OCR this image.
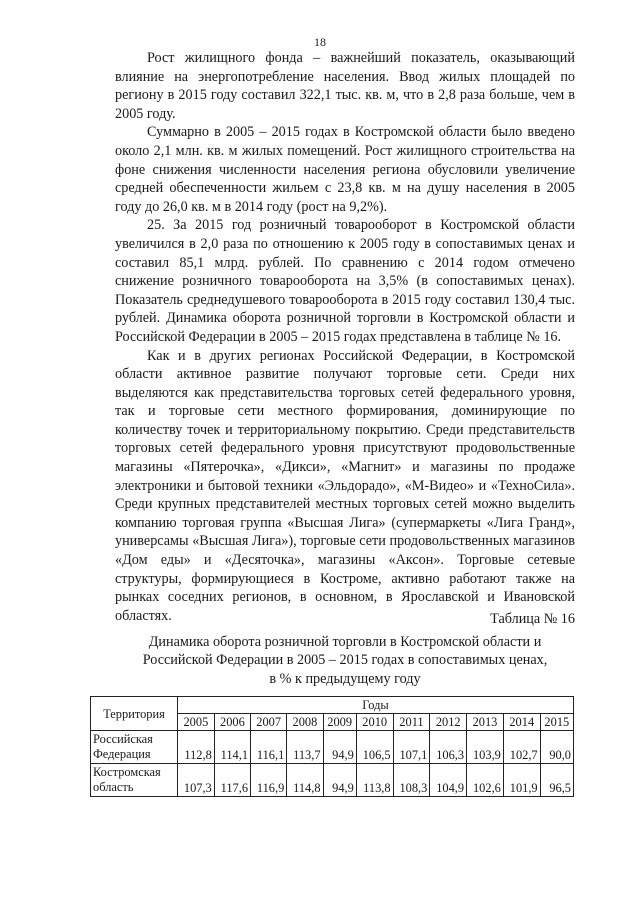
18

Рост жилищного фонда – важнейший показатель, оказывающий влияние на энергопотребление населения. Ввод жилых площадей по региону в 2015 году составил 322,1 тыс. кв. м, что в 2,8 раза больше, чем в 2005 году.

Суммарно в 2005 – 2015 годах в Костромской области было введено около 2,1 млн. кв. м жилых помещений. Рост жилищного строительства на фоне снижения численности населения региона обусловили увеличение средней обеспеченности жильем с 23,8 кв. м на душу населения в 2005 году до 26,0 кв. м в 2014 году (рост на 9,2%).

25. За 2015 год розничный товарооборот в Костромской области увеличился в 2,0 раза по отношению к 2005 году в сопоставимых ценах и составил 85,1 млрд. рублей. По сравнению с 2014 годом отмечено снижение розничного товарооборота на 3,5% (в сопоставимых ценах). Показатель среднедушевого товарооборота в 2015 году составил 130,4 тыс. рублей. Динамика оборота розничной торговли в Костромской области и Российской Федерации в 2005 – 2015 годах представлена в таблице № 16.

Как и в других регионах Российской Федерации, в Костромской области активное развитие получают торговые сети. Среди них выделяются как представительства торговых сетей федерального уровня, так и торговые сети местного формирования, доминирующие по количеству точек и территориальному покрытию. Среди представительств торговых сетей федерального уровня присутствуют продовольственные магазины «Пятерочка», «Дикси», «Магнит» и магазины по продаже электроники и бытовой техники «Эльдорадо», «М-Видео» и «ТехноСила». Среди крупных представителей местных торговых сетей можно выделить компанию торговая группа «Высшая Лига» (супермаркеты «Лига Гранд», универсамы «Высшая Лига»), торговые сети продовольственных магазинов «Дом еды» и «Десяточка», магазины «Аксон». Торговые сетевые структуры, формирующиеся в Костроме, активно работают также на рынках соседних регионов, в основном, в Ярославской и Ивановской областях.	Таблица № 16

Динамика оборота розничной торговли в Костромской области и
Российской Федерации в 2005 – 2015 годах в сопоставимых ценах,
в % к предыдущему году

Территория	Годы										
	2005	2006	2007	2008	2009	2010	2011	2012	2013	2014	2015
Российская
Федерация	112,8	114,1	116,1	113,7	94,9	106,5	107,1	106,3	103,9	102,7	90,0
Костромская
область	107,3	117,6	116,9	114,8	94,9	113,8	108,3	104,9	102,6	101,9	96,5
